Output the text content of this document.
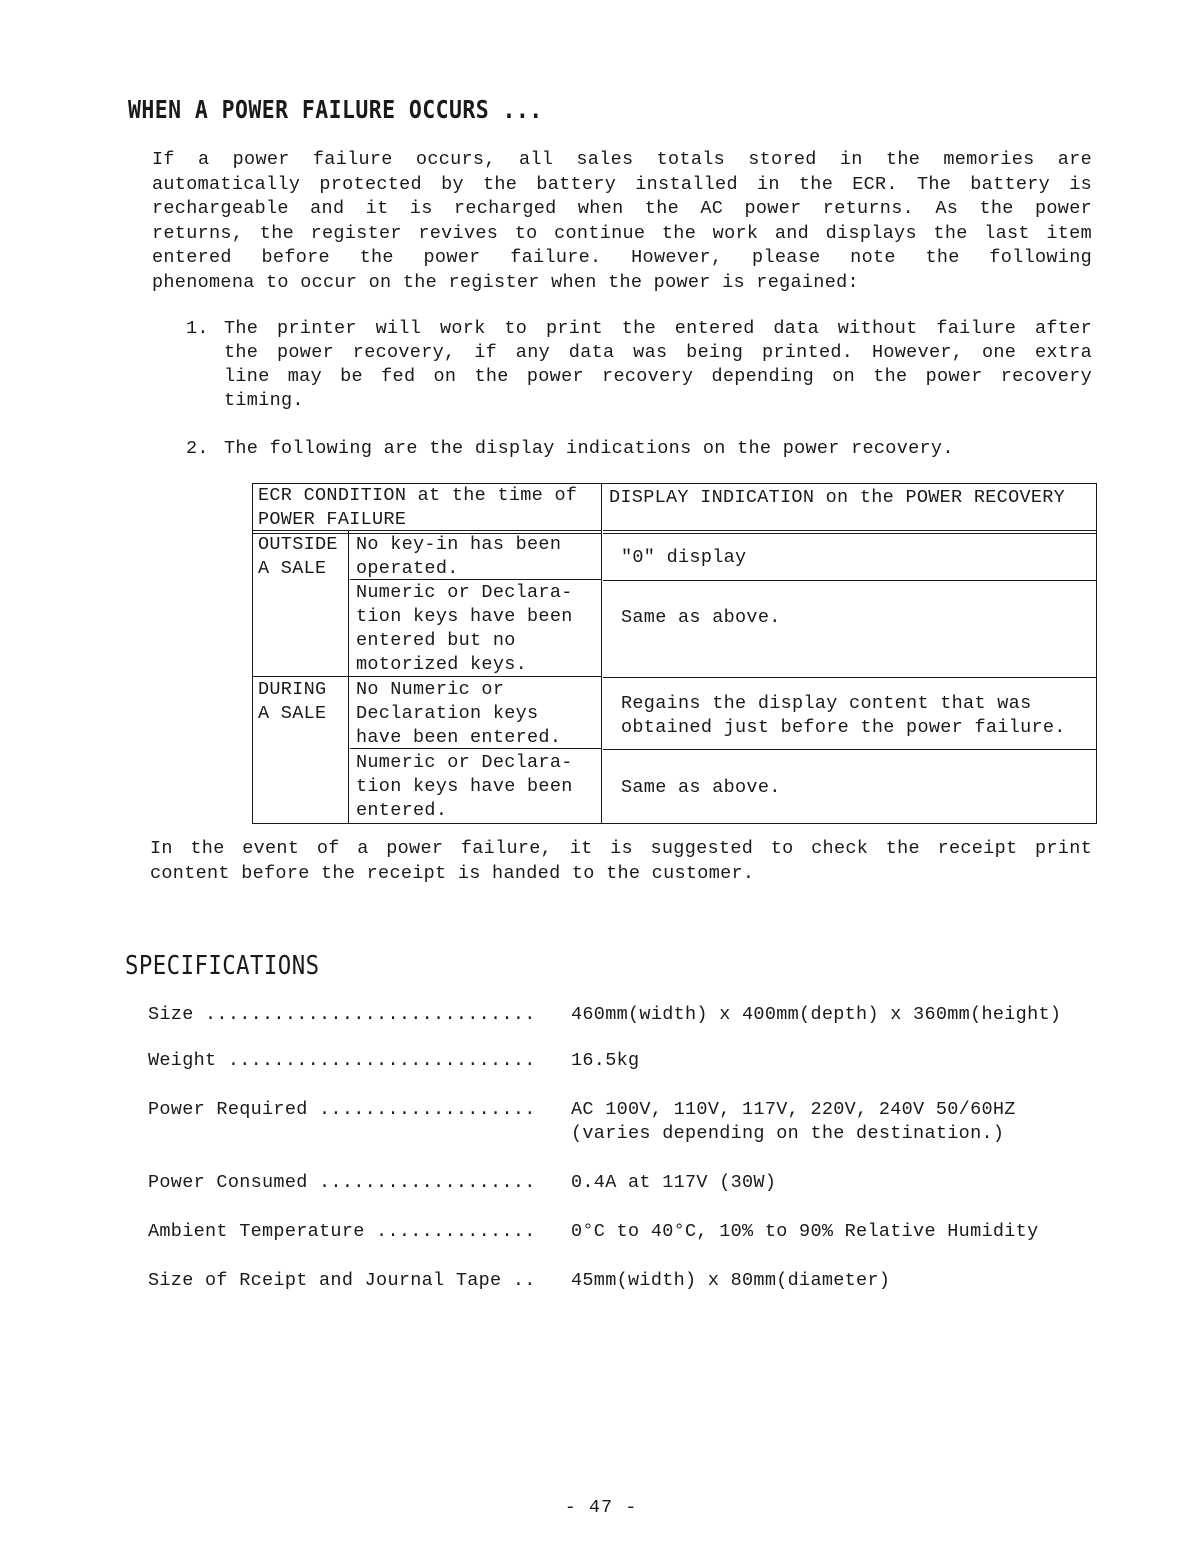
WHEN A POWER FAILURE OCCURS ...
If a power failure occurs, all sales totals stored in the memories are
automatically protected by the battery installed in the ECR. The battery is
rechargeable and it is recharged when the AC power returns. As the power
returns, the register revives to continue the work and displays the last item
entered before the power failure. However, please note the following
phenomena to occur on the register when the power is regained:
1. The printer will work to print the entered data without failure after
the power recovery, if any data was being printed. However, one extra
line may be fed on the power recovery depending on the power recovery
timing.
2. The following are the display indications on the power recovery.
ECR CONDITION at the time of
POWER FAILURE
DISPLAY INDICATION on the POWER RECOVERY
OUTSIDE
A SALE
DURING
A SALE
No key-in has been
operated.
"0" display
Numeric or Declara-
tion keys have been
entered but no
motorized keys.
Same as above.
No Numeric or
Declaration keys
have been entered.
Regains the display content that was
obtained just before the power failure.
Numeric or Declara-
tion keys have been
entered.
Same as above.
In the event of a power failure, it is suggested to check the receipt print
content before the receipt is handed to the customer.
SPECIFICATIONS
Size ............................. 460mm(width) x 400mm(depth) x 360mm(height)
Weight ........................... 16.5kg
Power Required ................... AC 100V, 110V, 117V, 220V, 240V 50/60HZ
(varies depending on the destination.)
Power Consumed ................... 0.4A at 117V (30W)
Ambient Temperature .............. 0°C to 40°C, 10% to 90% Relative Humidity
Size of Rceipt and Journal Tape .. 45mm(width) x 80mm(diameter)
- 47 -
